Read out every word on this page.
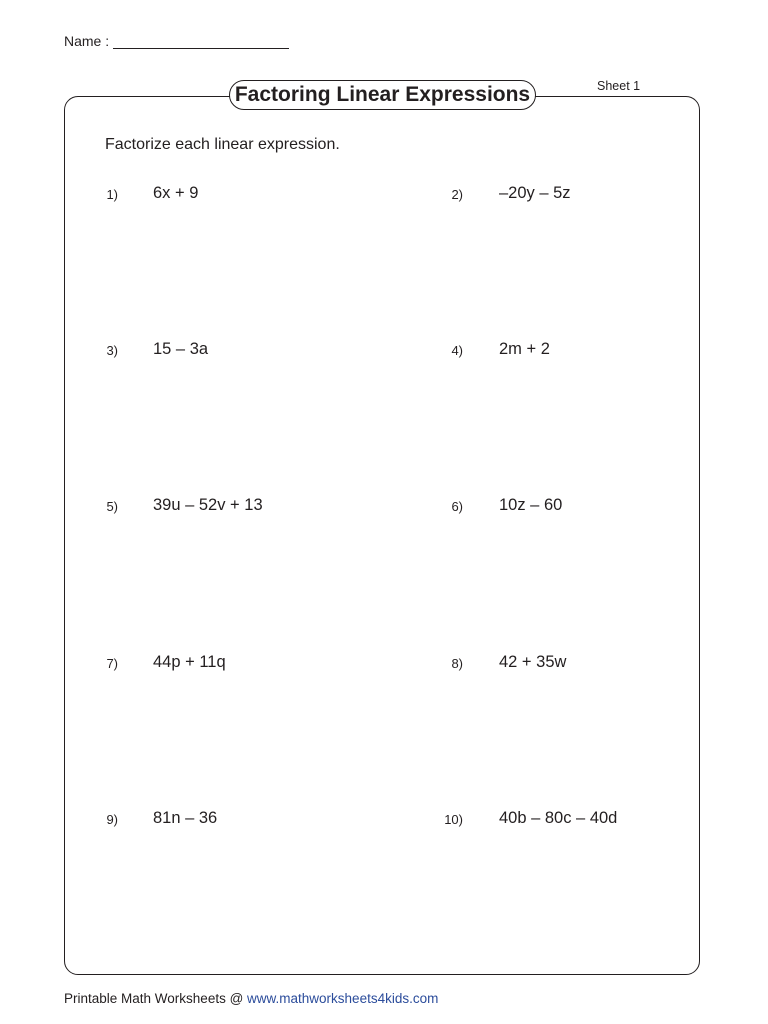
Name :
Factoring Linear Expressions	Sheet 1
Factorize each linear expression.
1) 6x + 9	2) –20y – 5z
3) 15 – 3a	4) 2m + 2
5) 39u – 52v + 13	6) 10z – 60
7) 44p + 11q	8) 42 + 35w
9) 81n – 36	10) 40b – 80c – 40d
Printable Math Worksheets @ www.mathworksheets4kids.com
